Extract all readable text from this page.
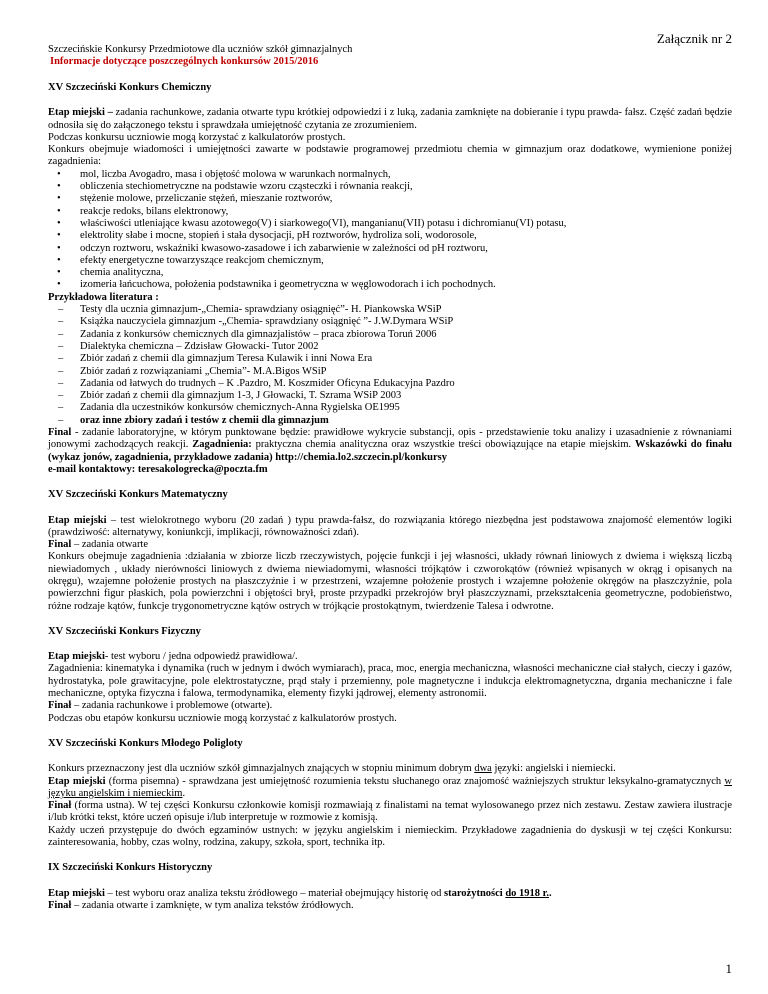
Załącznik nr 2
Szczecińskie Konkursy Przedmiotowe dla uczniów szkół gimnazjalnych
Informacje dotyczące poszczególnych konkursów 2015/2016

XV Szczeciński Konkurs Chemiczny

Etap miejski – zadania rachunkowe, zadania otwarte typu krótkiej odpowiedzi i z luką, zadania zamknięte na dobieranie i typu prawda- fałsz. Część zadań będzie odnosiła się do załączonego tekstu i sprawdzała umiejętność czytania ze zrozumieniem.

Podczas konkursu uczniowie mogą korzystać z kalkulatorów prostych.

Konkurs obejmuje wiadomości i umiejętności zawarte w podstawie programowej przedmiotu chemia w gimnazjum oraz dodatkowe, wymienione poniżej zagadnienia:

• mol, liczba Avogadro, masa i objętość molowa w warunkach normalnych,
• obliczenia stechiometryczne na podstawie wzoru cząsteczki i równania reakcji,
• stężenie molowe, przeliczanie stężeń, mieszanie roztworów,
• reakcje redoks, bilans elektronowy,
• właściwości utleniające kwasu azotowego(V) i siarkowego(VI), manganianu(VII) potasu i dichromianu(VI) potasu,
• elektrolity słabe i mocne, stopień i stała dysocjacji, pH roztworów, hydroliza soli, wodorosole,
• odczyn roztworu, wskaźniki kwasowo-zasadowe i ich zabarwienie w zależności od pH roztworu,
• efekty energetyczne towarzyszące reakcjom chemicznym,
• chemia analityczna,
• izomeria łańcuchowa, położenia podstawnika i geometryczna w węglowodorach i ich pochodnych.

Przykładowa literatura :

– Testy dla ucznia gimnazjum-„Chemia- sprawdziany osiągnięć”- H. Piankowska WSiP
– Książka nauczyciela gimnazjum -„Chemia- sprawdziany osiągnięć ”- J.W.Dymara WSiP
– Zadania z konkursów chemicznych dla gimnazjalistów – praca zbiorowa Toruń 2006
– Dialektyka chemiczna – Zdzisław Głowacki- Tutor 2002
– Zbiór zadań z chemii dla gimnazjum Teresa Kulawik i inni Nowa Era
– Zbiór zadań z rozwiązaniami „Chemia”- M.A.Bigos WSiP
– Zadania od łatwych do trudnych – K .Pazdro, M. Koszmider Oficyna Edukacyjna Pazdro
– Zbiór zadań z chemii dla gimnazjum 1-3, J Głowacki, T. Szrama WSiP 2003
– Zadania dla uczestników konkursów chemicznych-Anna Rygielska OE1995
– oraz inne zbiory zadań i testów z chemii dla gimnazjum

Final - zadanie laboratoryjne, w którym punktowane będzie: prawidłowe wykrycie substancji, opis - przedstawienie toku analizy i uzasadnienie z równaniami jonowymi zachodzących reakcji. Zagadnienia: praktyczna chemia analityczna oraz wszystkie treści obowiązujące na etapie miejskim. Wskazówki do finału (wykaz jonów, zagadnienia, przykładowe zadania) http://chemia.lo2.szczecin.pl/konkursy

e-mail kontaktowy: teresakologrecka@poczta.fm

XV Szczeciński Konkurs Matematyczny

Etap miejski – test wielokrotnego wyboru (20 zadań ) typu prawda-fałsz, do rozwiązania którego niezbędna jest podstawowa znajomość elementów logiki (prawdziwość: alternatywy, koniunkcji, implikacji, równoważności zdań).

Final – zadania otwarte

Konkurs obejmuje zagadnienia :działania w zbiorze liczb rzeczywistych, pojęcie funkcji i jej własności, układy równań liniowych z dwiema i większą liczbą niewiadomych , układy nierówności liniowych z dwiema niewiadomymi, własności trójkątów i czworokątów (również wpisanych w okrąg i opisanych na okręgu), wzajemne położenie prostych na płaszczyźnie i w przestrzeni, wzajemne położenie prostych i wzajemne położenie okręgów na płaszczyźnie, pola powierzchni figur płaskich, pola powierzchni i objętości brył, proste przypadki przekrojów brył płaszczyznami, przekształcenia geometryczne, podobieństwo, różne rodzaje kątów, funkcje trygonometryczne kątów ostrych w trójkącie prostokątnym, twierdzenie Talesa i odwrotne.

XV Szczeciński Konkurs Fizyczny

Etap miejski- test wyboru / jedna odpowiedź prawidłowa/.

Zagadnienia: kinematyka i dynamika (ruch w jednym i dwóch wymiarach), praca, moc, energia mechaniczna, własności mechaniczne ciał stałych, cieczy i gazów, hydrostatyka, pole grawitacyjne, pole elektrostatyczne, prąd stały i przemienny, pole magnetyczne i indukcja elektromagnetyczna, drgania mechaniczne i fale mechaniczne, optyka fizyczna i falowa, termodynamika, elementy fizyki jądrowej, elementy astronomii.

Finał – zadania rachunkowe i problemowe (otwarte).

Podczas obu etapów konkursu uczniowie mogą korzystać z kalkulatorów prostych.

XV Szczeciński Konkurs Młodego Poligloty

Konkurs przeznaczony jest dla uczniów szkół gimnazjalnych znających w stopniu minimum dobrym dwa języki: angielski i niemiecki.

Etap miejski (forma pisemna) - sprawdzana jest umiejętność rozumienia tekstu słuchanego oraz znajomość ważniejszych struktur leksykalno-gramatycznych w języku angielskim i niemieckim.

Finał (forma ustna). W tej części Konkursu członkowie komisji rozmawiają z finalistami na temat wylosowanego przez nich zestawu. Zestaw zawiera ilustracje i/lub krótki tekst, które uczeń opisuje i/lub interpretuje w rozmowie z komisją.

Każdy uczeń przystępuje do dwóch egzaminów ustnych: w języku angielskim i niemieckim. Przykładowe zagadnienia do dyskusji w tej części Konkursu: zainteresowania, hobby, czas wolny, rodzina, zakupy, szkoła, sport, technika itp.

IX Szczeciński Konkurs Historyczny

Etap miejski – test wyboru oraz analiza tekstu źródłowego – materiał obejmujący historię od starożytności do 1918 r..

Finał – zadania otwarte i zamknięte, w tym analiza tekstów źródłowych.

1
